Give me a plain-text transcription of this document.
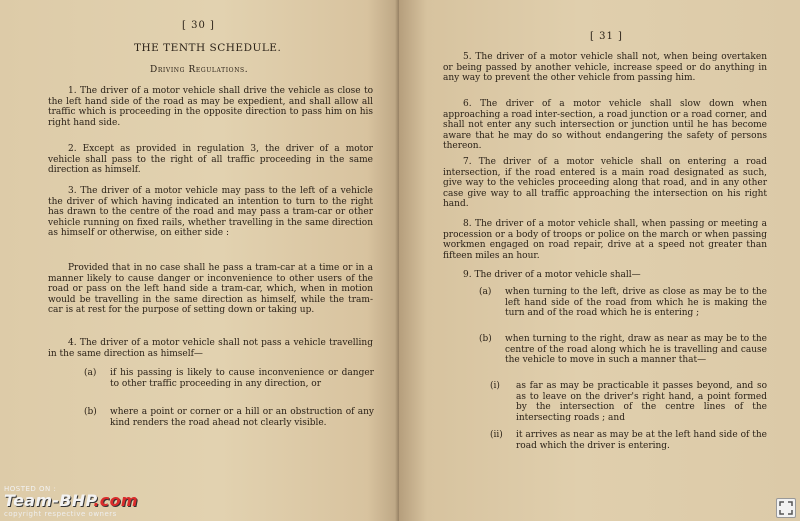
[ 30 ]
THE TENTH SCHEDULE.
Driving Regulations.
1. The driver of a motor vehicle shall drive the vehicle as close to the left hand side of the road as may be expedient, and shall allow all traffic which is proceeding in the opposite direction to pass him on his right hand side.
2. Except as provided in regulation 3, the driver of a motor vehicle shall pass to the right of all traffic proceeding in the same direction as himself.
3. The driver of a motor vehicle may pass to the left of a vehicle the driver of which having indicated an intention to turn to the right has drawn to the centre of the road and may pass a tram-car or other vehicle running on fixed rails, whether travelling in the same direction as himself or otherwise, on either side :
Provided that in no case shall he pass a tram-car at a time or in a manner likely to cause danger or inconvenience to other users of the road or pass on the left hand side a tram-car, which, when in motion would be travelling in the same direction as himself, while the tram-car is at rest for the purpose of setting down or taking up.
4. The driver of a motor vehicle shall not pass a vehicle travelling in the same direction as himself—
(a)	if his passing is likely to cause inconvenience or danger to other traffic proceeding in any direction, or
(b)	where a point or corner or a hill or an obstruction of any kind renders the road ahead not clearly visible.
[ 31 ]
5. The driver of a motor vehicle shall not, when being overtaken or being passed by another vehicle, increase speed or do anything in any way to prevent the other vehicle from passing him.
6. The driver of a motor vehicle shall slow down when approaching a road inter-section, a road junction or a road corner, and shall not enter any such intersection or junction until he has become aware that he may do so without endangering the safety of persons thereon.
7. The driver of a motor vehicle shall on entering a road intersection, if the road entered is a main road designated as such, give way to the vehicles proceeding along that road, and in any other case give way to all traffic approaching the intersection on his right hand.
8. The driver of a motor vehicle shall, when passing or meeting a procession or a body of troops or police on the march or when passing workmen engaged on road repair, drive at a speed not greater than fifteen miles an hour.
9. The driver of a motor vehicle shall—
(a)	when turning to the left, drive as close as may be to the left hand side of the road from which he is making the turn and of the road which he is entering ;
(b)	when turning to the right, draw as near as may be to the centre of the road along which he is travelling and cause the vehicle to move in such a manner that—
(i)	as far as may be practicable it passes beyond, and so as to leave on the driver's right hand, a point formed by the intersection of the centre lines of the intersecting roads ; and
(ii)	it arrives as near as may be at the left hand side of the road which the driver is entering.
HOSTED ON :
Team-BHP.com
copyright respective owners
